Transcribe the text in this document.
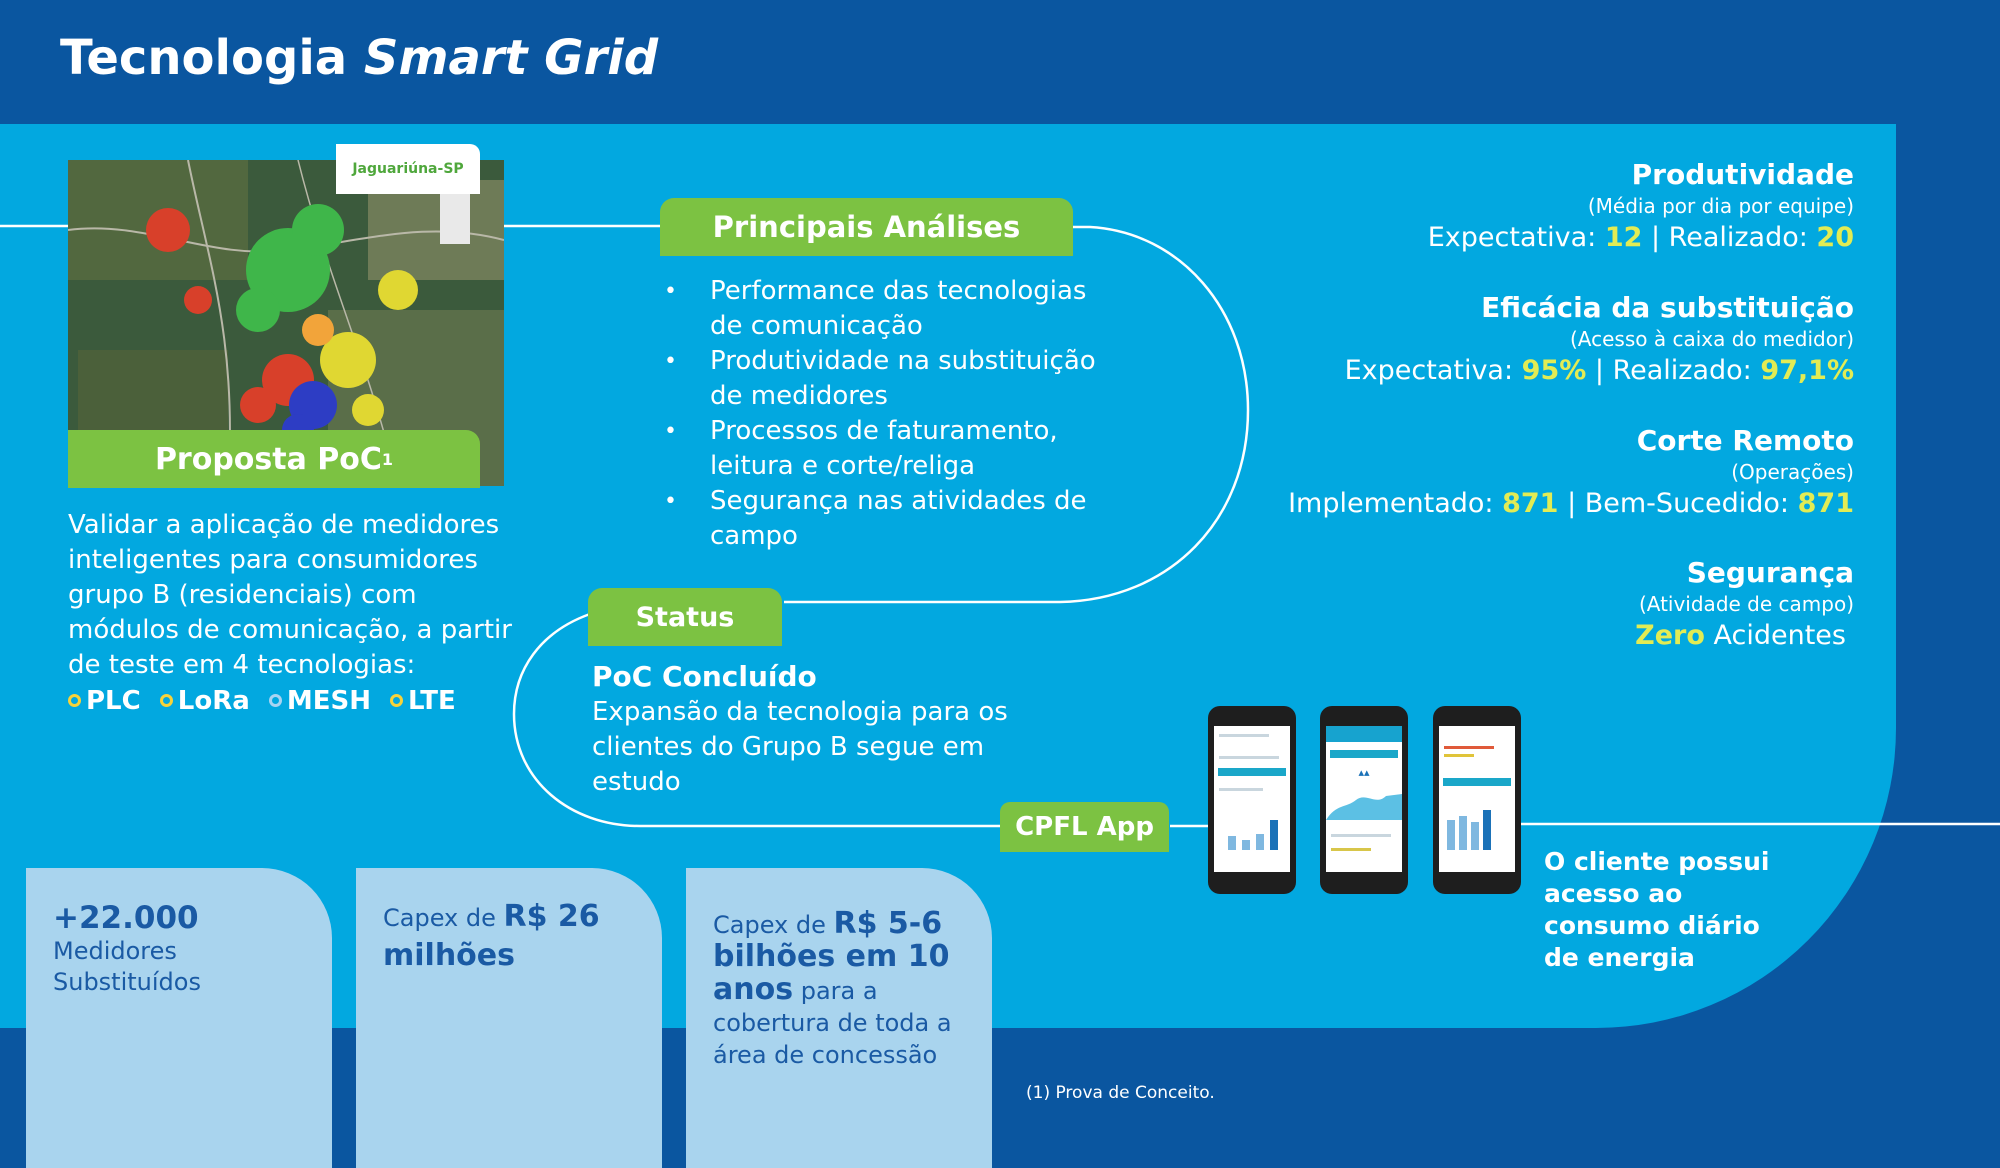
Tecnologia Smart Grid
Jaguariúna-SP
Proposta PoC 1
Validar a aplicação de medidores inteligentes para consumidores grupo B (residenciais) com módulos de comunicação, a partir de teste em 4 tecnologias:
PLC LoRa MESH LTE
Principais Análises
• Performance das tecnologias de comunicação
• Produtividade na substituição de medidores
• Processos de faturamento, leitura e corte/religa
• Segurança nas atividades de campo
Status
PoC Concluído
Expansão da tecnologia para os clientes do Grupo B segue em estudo
Produtividade
(Média por dia por equipe)
Expectativa: 12 | Realizado: 20
Eficácia da substituição
(Acesso à caixa do medidor)
Expectativa: 95% | Realizado: 97,1%
Corte Remoto
(Operações)
Implementado: 871 | Bem-Sucedido: 871
Segurança
(Atividade de campo)
Zero Acidentes
CPFL App
▴▴
O cliente possui acesso ao consumo diário de energia
+22.000
Medidores Substituídos
Capex de R$ 26 milhões
Capex de R$ 5-6 bilhões em 10 anos para a cobertura de toda a área de concessão
(1) Prova de Conceito.
